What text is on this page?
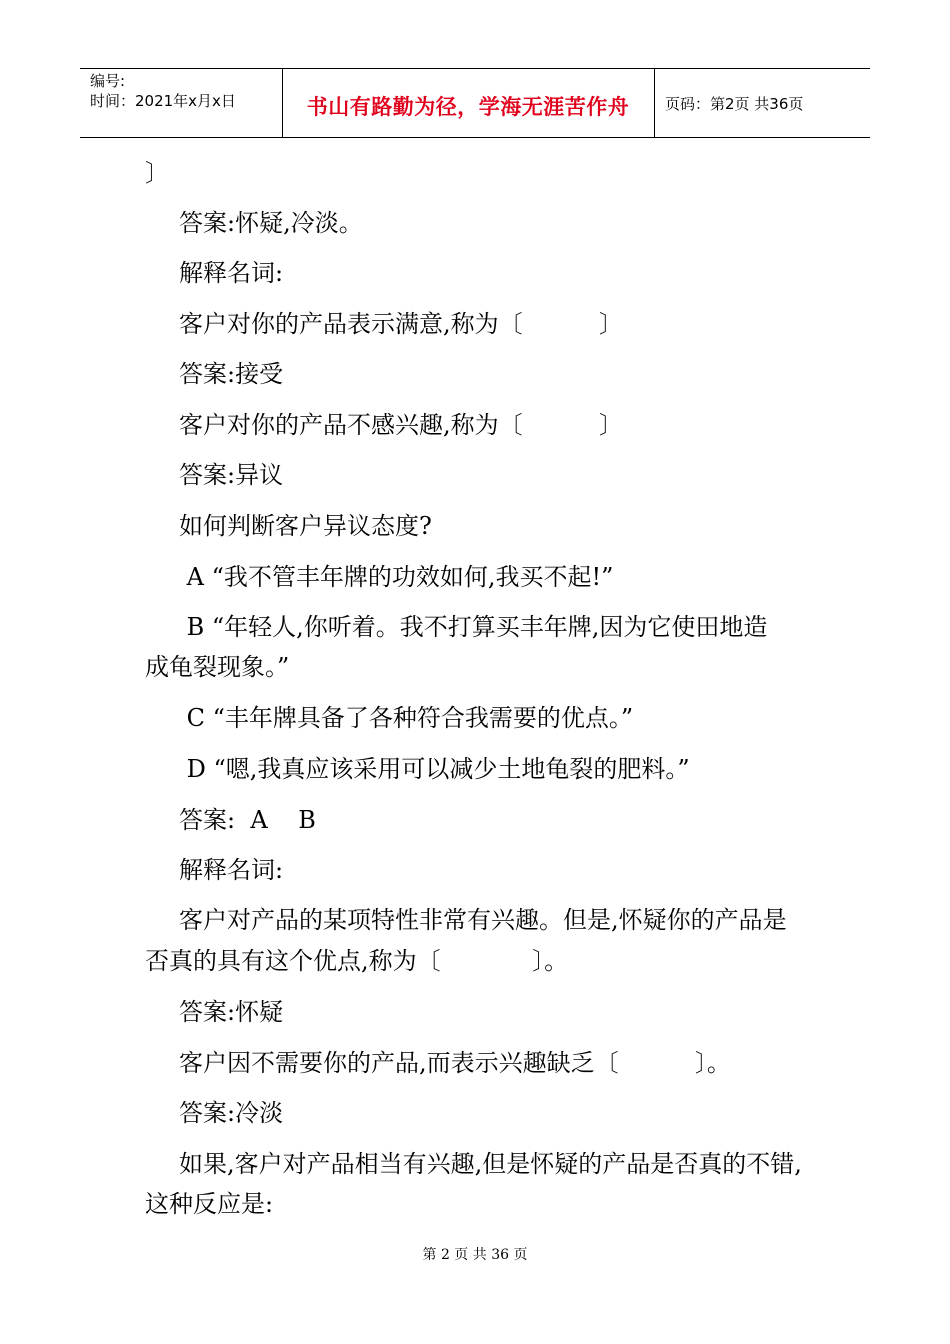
编号:
时间：2021年x月x日	书山有路勤为径，学海无涯苦作舟	页码：第2页 共36页
〕
答案:怀疑,冷淡。
解释名词:
客户对你的产品表示满意,称为〔          〕
答案:接受
客户对你的产品不感兴趣,称为〔          〕
答案:异议
如何判断客户异议态度?
A “我不管丰年牌的功效如何,我买不起!”
B “年轻人,你听着。我不打算买丰年牌,因为它使田地造
成龟裂现象。”
C “丰年牌具备了各种符合我需要的优点。”
D “嗯,我真应该采用可以减少土地龟裂的肥料。”
答案:  A    B
解释名词:
客户对产品的某项特性非常有兴趣。但是,怀疑你的产品是
否真的具有这个优点,称为〔            〕。
答案:怀疑
客户因不需要你的产品,而表示兴趣缺乏〔          〕。
答案:冷淡
如果,客户对产品相当有兴趣,但是怀疑的产品是否真的不错,
这种反应是:
第 2 页 共 36 页
